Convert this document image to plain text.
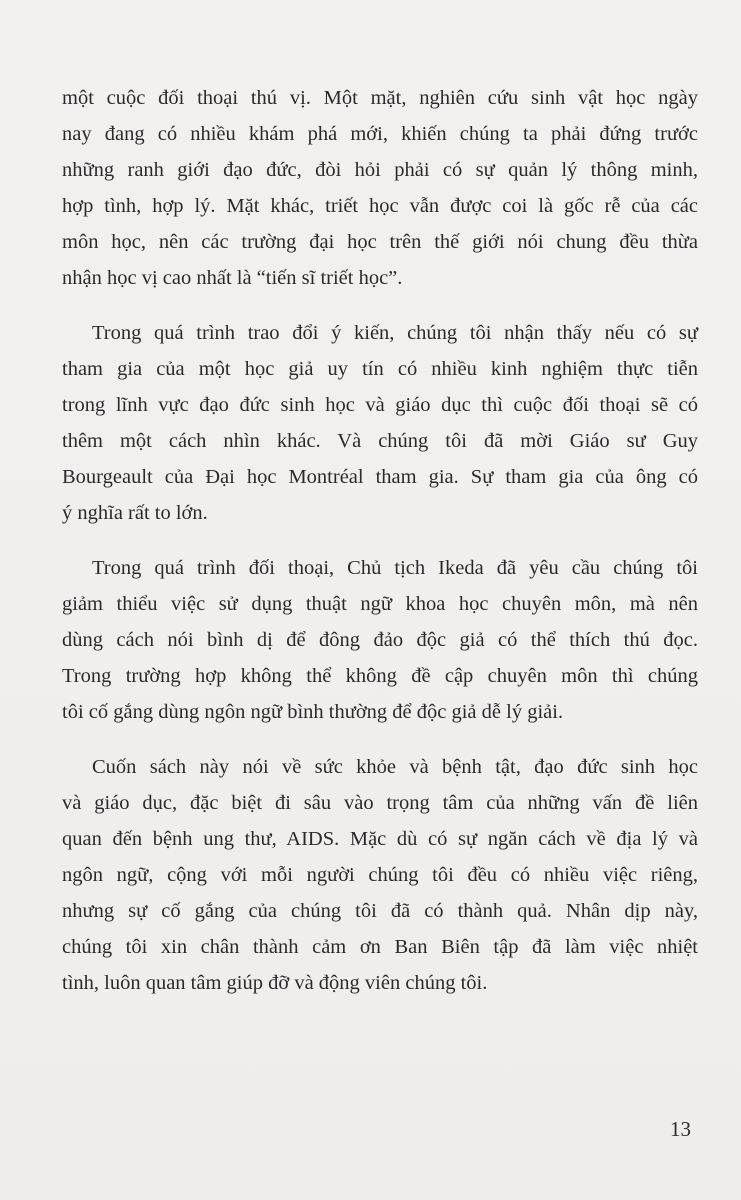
một cuộc đối thoại thú vị. Một mặt, nghiên cứu sinh vật học ngày
nay đang có nhiều khám phá mới, khiến chúng ta phải đứng trước
những ranh giới đạo đức, đòi hỏi phải có sự quản lý thông minh,
hợp tình, hợp lý. Mặt khác, triết học vẫn được coi là gốc rễ của các
môn học, nên các trường đại học trên thế giới nói chung đều thừa
nhận học vị cao nhất là “tiến sĩ triết học”.
Trong quá trình trao đổi ý kiến, chúng tôi nhận thấy nếu có sự
tham gia của một học giả uy tín có nhiều kinh nghiệm thực tiễn
trong lĩnh vực đạo đức sinh học và giáo dục thì cuộc đối thoại sẽ có
thêm một cách nhìn khác. Và chúng tôi đã mời Giáo sư Guy
Bourgeault của Đại học Montréal tham gia. Sự tham gia của ông có
ý nghĩa rất to lớn.
Trong quá trình đối thoại, Chủ tịch Ikeda đã yêu cầu chúng tôi
giảm thiểu việc sử dụng thuật ngữ khoa học chuyên môn, mà nên
dùng cách nói bình dị để đông đảo độc giả có thể thích thú đọc.
Trong trường hợp không thể không đề cập chuyên môn thì chúng
tôi cố gắng dùng ngôn ngữ bình thường để độc giả dễ lý giải.
Cuốn sách này nói về sức khỏe và bệnh tật, đạo đức sinh học
và giáo dục, đặc biệt đi sâu vào trọng tâm của những vấn đề liên
quan đến bệnh ung thư, AIDS. Mặc dù có sự ngăn cách về địa lý và
ngôn ngữ, cộng với mỗi người chúng tôi đều có nhiều việc riêng,
nhưng sự cố gắng của chúng tôi đã có thành quả. Nhân dịp này,
chúng tôi xin chân thành cảm ơn Ban Biên tập đã làm việc nhiệt
tình, luôn quan tâm giúp đỡ và động viên chúng tôi.
13
